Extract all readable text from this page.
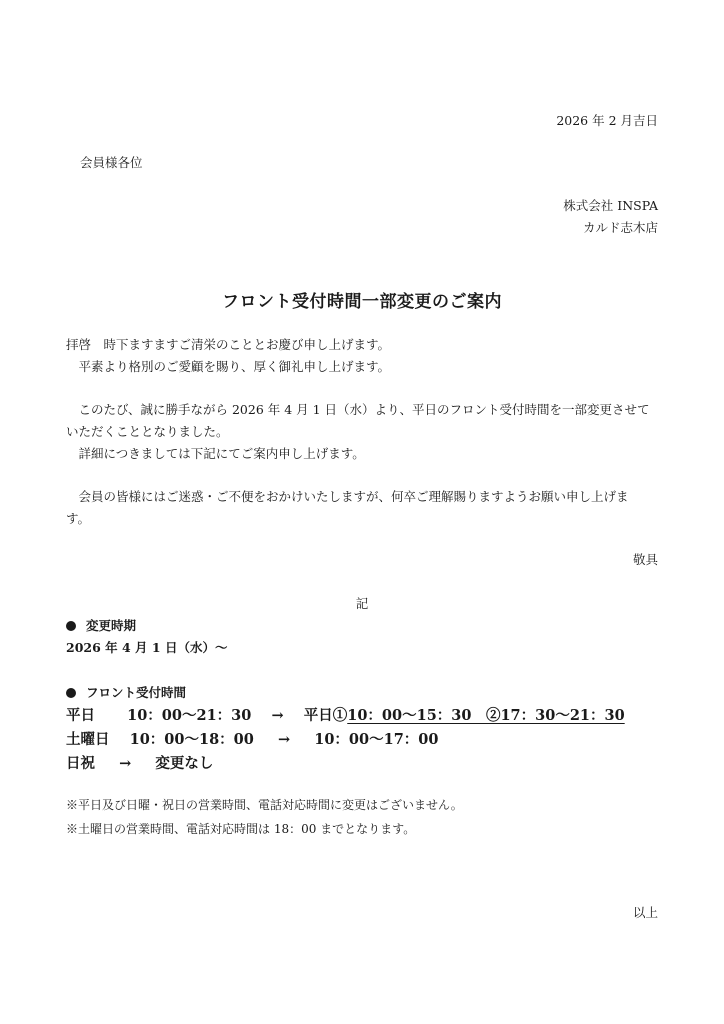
2026 年 2 月吉日
会員様各位
株式会社 INSPA
カルド志木店
フロント受付時間一部変更のご案内
拝啓　時下ますますご清栄のこととお慶び申し上げます。
　平素より格別のご愛顧を賜り、厚く御礼申し上げます。
　このたび、誠に勝手ながら 2026 年 4 月 1 日（水）より、平日のフロント受付時間を一部変更させて
いただくこととなりました。
　詳細につきましては下記にてご案内申し上げます。
　会員の皆様にはご迷惑・ご不便をおかけいたしますが、何卒ご理解賜りますようお願い申し上げま
す。
敬具
記
変更時期
2026 年 4 月 1 日（水）～
フロント受付時間
平日 10：00～21：30 → 平日①10：00～15：30　②17：30～21：30
土曜日 10：00～18：00 → 10：00～17：00
日祝 → 変更なし
※平日及び日曜・祝日の営業時間、電話対応時間に変更はございません。
※土曜日の営業時間、電話対応時間は 18：00 までとなります。
以上
